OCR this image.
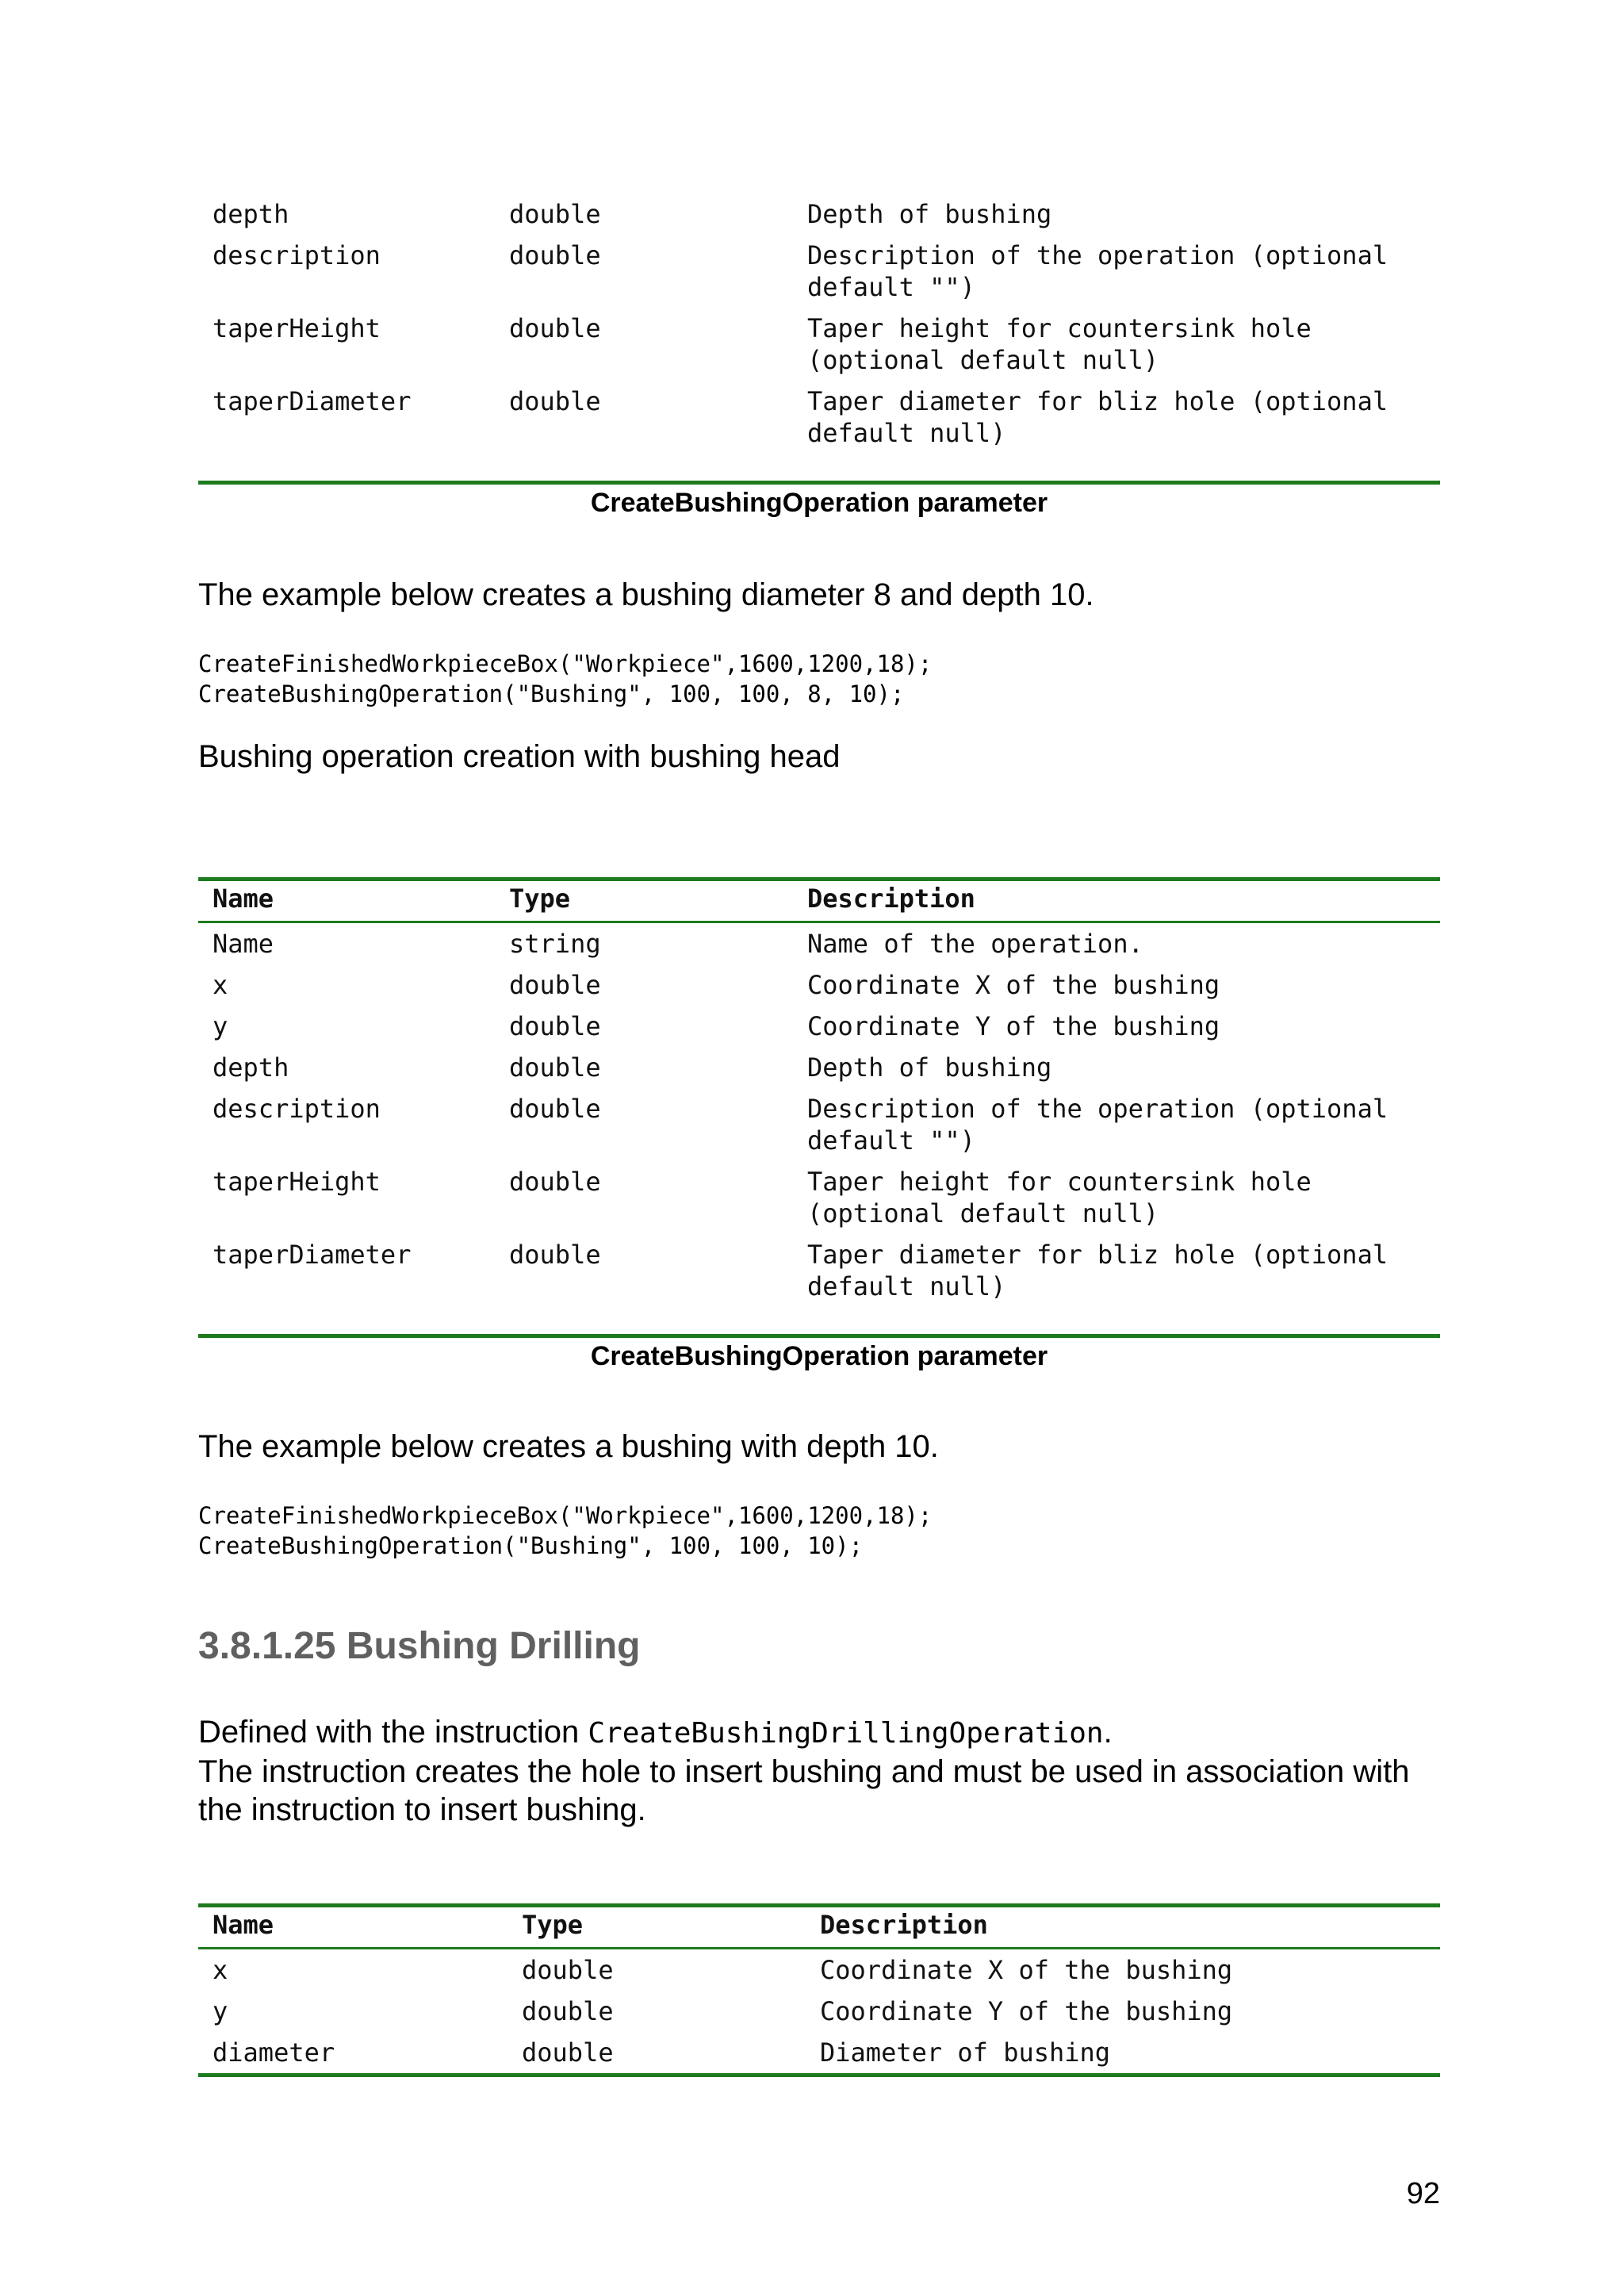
depth	double	Depth of bushing
description	double	Description of the operation (optional
default "")
taperHeight	double	Taper height for countersink hole
(optional default null)
taperDiameter	double	Taper diameter for bliz hole (optional
default null)
CreateBushingOperation parameter
The example below creates a bushing diameter 8 and depth 10.
CreateFinishedWorkpieceBox("Workpiece",1600,1200,18);
CreateBushingOperation("Bushing", 100, 100, 8, 10);
Bushing operation creation with bushing head
Name	Type	Description
Name	string	Name of the operation.
x	double	Coordinate X of the bushing
y	double	Coordinate Y of the bushing
depth	double	Depth of bushing
description	double	Description of the operation (optional
default "")
taperHeight	double	Taper height for countersink hole
(optional default null)
taperDiameter	double	Taper diameter for bliz hole (optional
default null)
CreateBushingOperation parameter
The example below creates a bushing with depth 10.
CreateFinishedWorkpieceBox("Workpiece",1600,1200,18);
CreateBushingOperation("Bushing", 100, 100, 10);
3.8.1.25 Bushing Drilling
Defined with the instruction CreateBushingDrillingOperation.
The instruction creates the hole to insert bushing and must be used in association with the instruction to insert bushing.
Name	Type	Description
x	double	Coordinate X of the bushing
y	double	Coordinate Y of the bushing
diameter	double	Diameter of bushing
92
